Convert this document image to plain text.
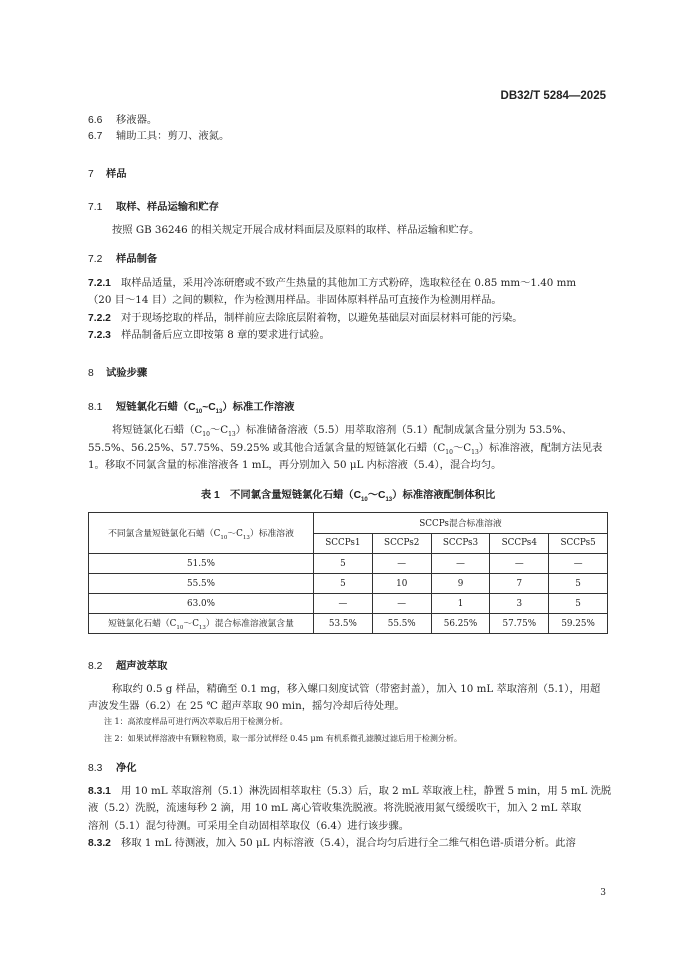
DB32/T 5284—2025
6.6 移液器。
6.7 辅助工具：剪刀、液氮。
7 样品
7.1 取样、样品运输和贮存
按照 GB 36246 的相关规定开展合成材料面层及原料的取样、样品运输和贮存。
7.2 样品制备
7.2.1 取样品适量，采用冷冻研磨或不致产生热量的其他加工方式粉碎，选取粒径在 0.85 mm～1.40 mm
（20 目～14 目）之间的颗粒，作为检测用样品。非固体原料样品可直接作为检测用样品。
7.2.2 对于现场挖取的样品，制样前应去除底层附着物，以避免基础层对面层材料可能的污染。
7.2.3 样品制备后应立即按第 8 章的要求进行试验。
8 试验步骤
8.1 短链氯化石蜡$(C_{10}\sim C_{13})$标准工作溶液
将短链氯化石蜡$(C_{10}\sim C_{13})$标准储备溶液（5.5）用萃取溶剂（5.1）配制成氯含量分别为 53.5%、
55.5%、56.25%、57.75%、59.25% 或其他合适氯含量的短链氯化石蜡$(C_{10}\sim C_{13})$标准溶液，配制方法见表
1。移取不同氯含量的标准溶液各 1 mL，再分别加入 50 μL 内标溶液（5.4），混合均匀。
表 1　不同氯含量短链氯化石蜡$(C_{10}\sim C_{13})$标准溶液配制体积比
不同氯含量短链氯化石蜡$(C_{10}\sim C_{13})$标准溶液	SCCPs混合标准溶液				
	SCCPs1	SCCPs2	SCCPs3	SCCPs4	SCCPs5
51.5%	5	—	—	—	—
55.5%	5	10	9	7	5
63.0%	—	—	1	3	5
短链氯化石蜡$(C_{10}\sim C_{13})$混合标准溶液氯含量	53.5%	55.5%	56.25%	57.75%	59.25%
8.2 超声波萃取
称取约 0.5 g 样品，精确至 0.1 mg，移入螺口刻度试管（带密封盖），加入 10 mL 萃取溶剂（5.1），用超
声波发生器（6.2）在 25 ℃ 超声萃取 90 min，摇匀冷却后待处理。
注 1：高浓度样品可进行两次萃取后用于检测分析。
注 2：如果试样溶液中有颗粒物质，取一部分试样经 0.45 μm 有机系微孔滤膜过滤后用于检测分析。
8.3 净化
8.3.1 用 10 mL 萃取溶剂（5.1）淋洗固相萃取柱（5.3）后，取 2 mL 萃取液上柱，静置 5 min，用 5 mL 洗脱
液（5.2）洗脱，流速每秒 2 滴，用 10 mL 离心管收集洗脱液。将洗脱液用氮气缓缓吹干，加入 2 mL 萃取
溶剂（5.1）混匀待测。可采用全自动固相萃取仪（6.4）进行该步骤。
8.3.2 移取 1 mL 待测液，加入 50 μL 内标溶液（5.4），混合均匀后进行全二维气相色谱-质谱分析。此溶
3
